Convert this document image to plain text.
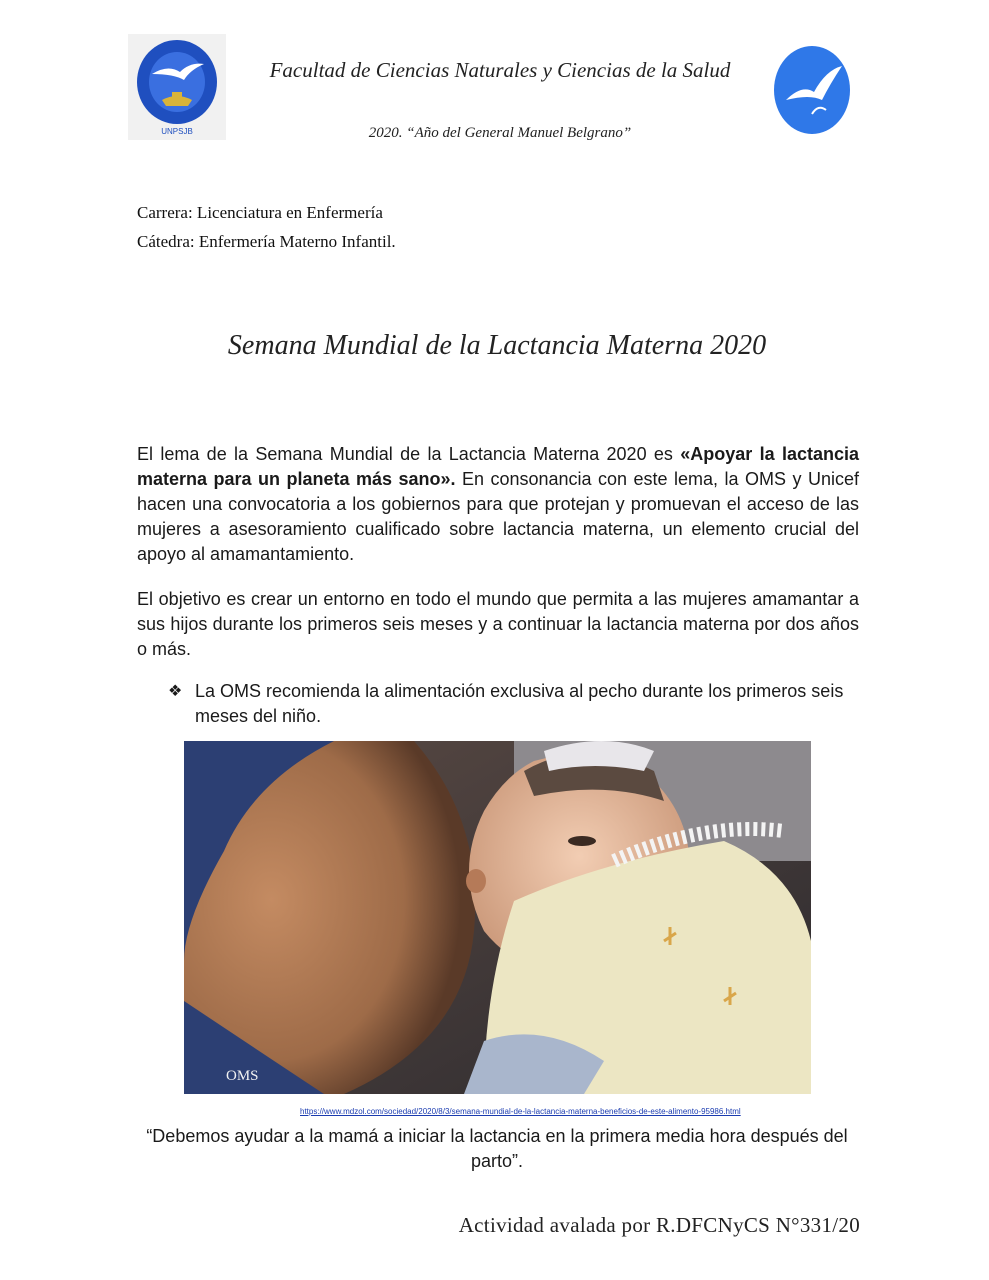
UNPSJB
Facultad de Ciencias Naturales y Ciencias de la Salud
2020. “Año del General Manuel Belgrano”
Carrera: Licenciatura en Enfermería
Cátedra: Enfermería Materno Infantil.
Semana Mundial de la Lactancia Materna 2020

El lema de la Semana Mundial de la Lactancia Materna 2020 es «Apoyar la lactancia materna para un planeta más sano». En consonancia con este lema, la OMS y Unicef hacen una convocatoria a los gobiernos para que protejan y promuevan el acceso de las mujeres a asesoramiento cualificado sobre lactancia materna, un elemento crucial del apoyo al amamantamiento.

El objetivo es crear un entorno en todo el mundo que permita a las mujeres amamantar a sus hijos durante los primeros seis meses y a continuar la lactancia materna por dos años o más.

❖ La OMS recomienda la alimentación exclusiva al pecho durante los primeros seis meses del niño.
OMS
https://www.mdzol.com/sociedad/2020/8/3/semana-mundial-de-la-lactancia-materna-beneficios-de-este-alimento-95986.html
“Debemos ayudar a la mamá a iniciar la lactancia en la primera media hora después del parto”.
Actividad avalada por R.DFCNyCS N°331/20
